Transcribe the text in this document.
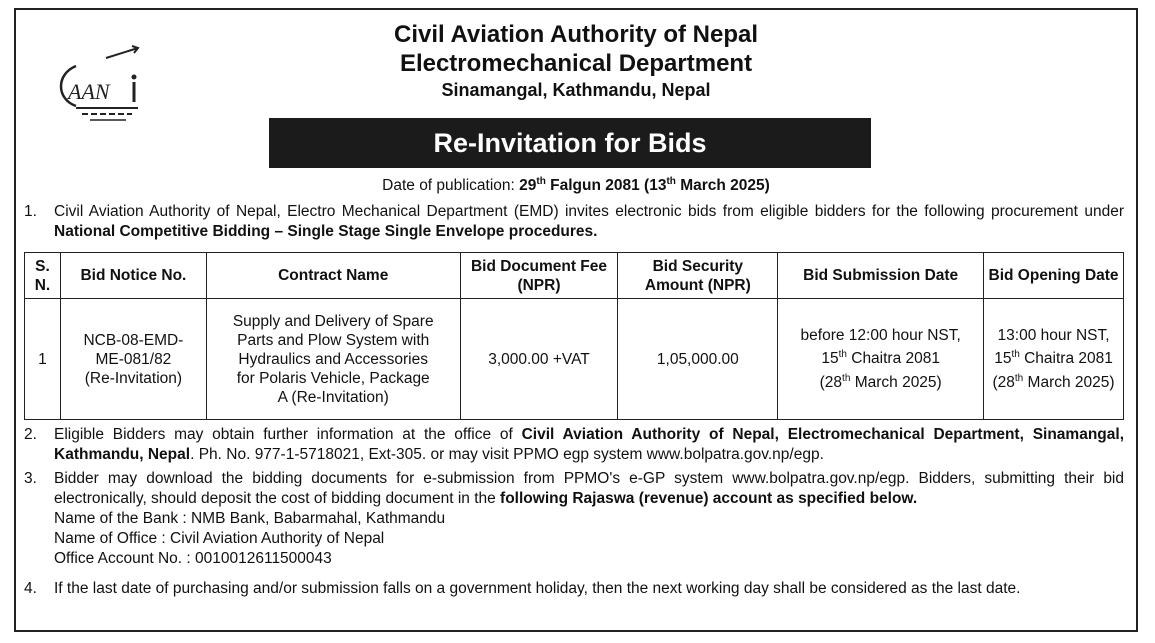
AAN
Civil Aviation Authority of Nepal
Electromechanical Department
Sinamangal, Kathmandu, Nepal
Re-Invitation for Bids
Date of publication: 29th Falgun 2081 (13th March 2025)
1. Civil Aviation Authority of Nepal, Electro Mechanical Department (EMD) invites electronic bids from eligible bidders for the following procurement under National Competitive Bidding – Single Stage Single Envelope procedures.
S. N.	Bid Notice No.	Contract Name	Bid Document Fee (NPR)	Bid Security Amount (NPR)	Bid Submission Date	Bid Opening Date
1	NCB-08-EMD-
ME-081/82
(Re-Invitation)	Supply and Delivery of Spare
Parts and Plow System with
Hydraulics and Accessories
for Polaris Vehicle, Package
A (Re-Invitation)	3,000.00 +VAT	1,05,000.00	before 12:00 hour NST,
15th Chaitra 2081
(28th March 2025)	13:00 hour NST,
15th Chaitra 2081
(28th March 2025)
2. Eligible Bidders may obtain further information at the office of Civil Aviation Authority of Nepal, Electromechanical Department, Sinamangal, Kathmandu, Nepal. Ph. No. 977-1-5718021, Ext-305. or may visit PPMO egp system www.bolpatra.gov.np/egp.
3. Bidder may download the bidding documents for e-submission from PPMO's e-GP system www.bolpatra.gov.np/egp. Bidders, submitting their bid electronically, should deposit the cost of bidding document in the following Rajaswa (revenue) account as specified below.
Name of the Bank : NMB Bank, Babarmahal, Kathmandu
Name of Office : Civil Aviation Authority of Nepal
Office Account No. : 0010012611500043
4. If the last date of purchasing and/or submission falls on a government holiday, then the next working day shall be considered as the last date.
